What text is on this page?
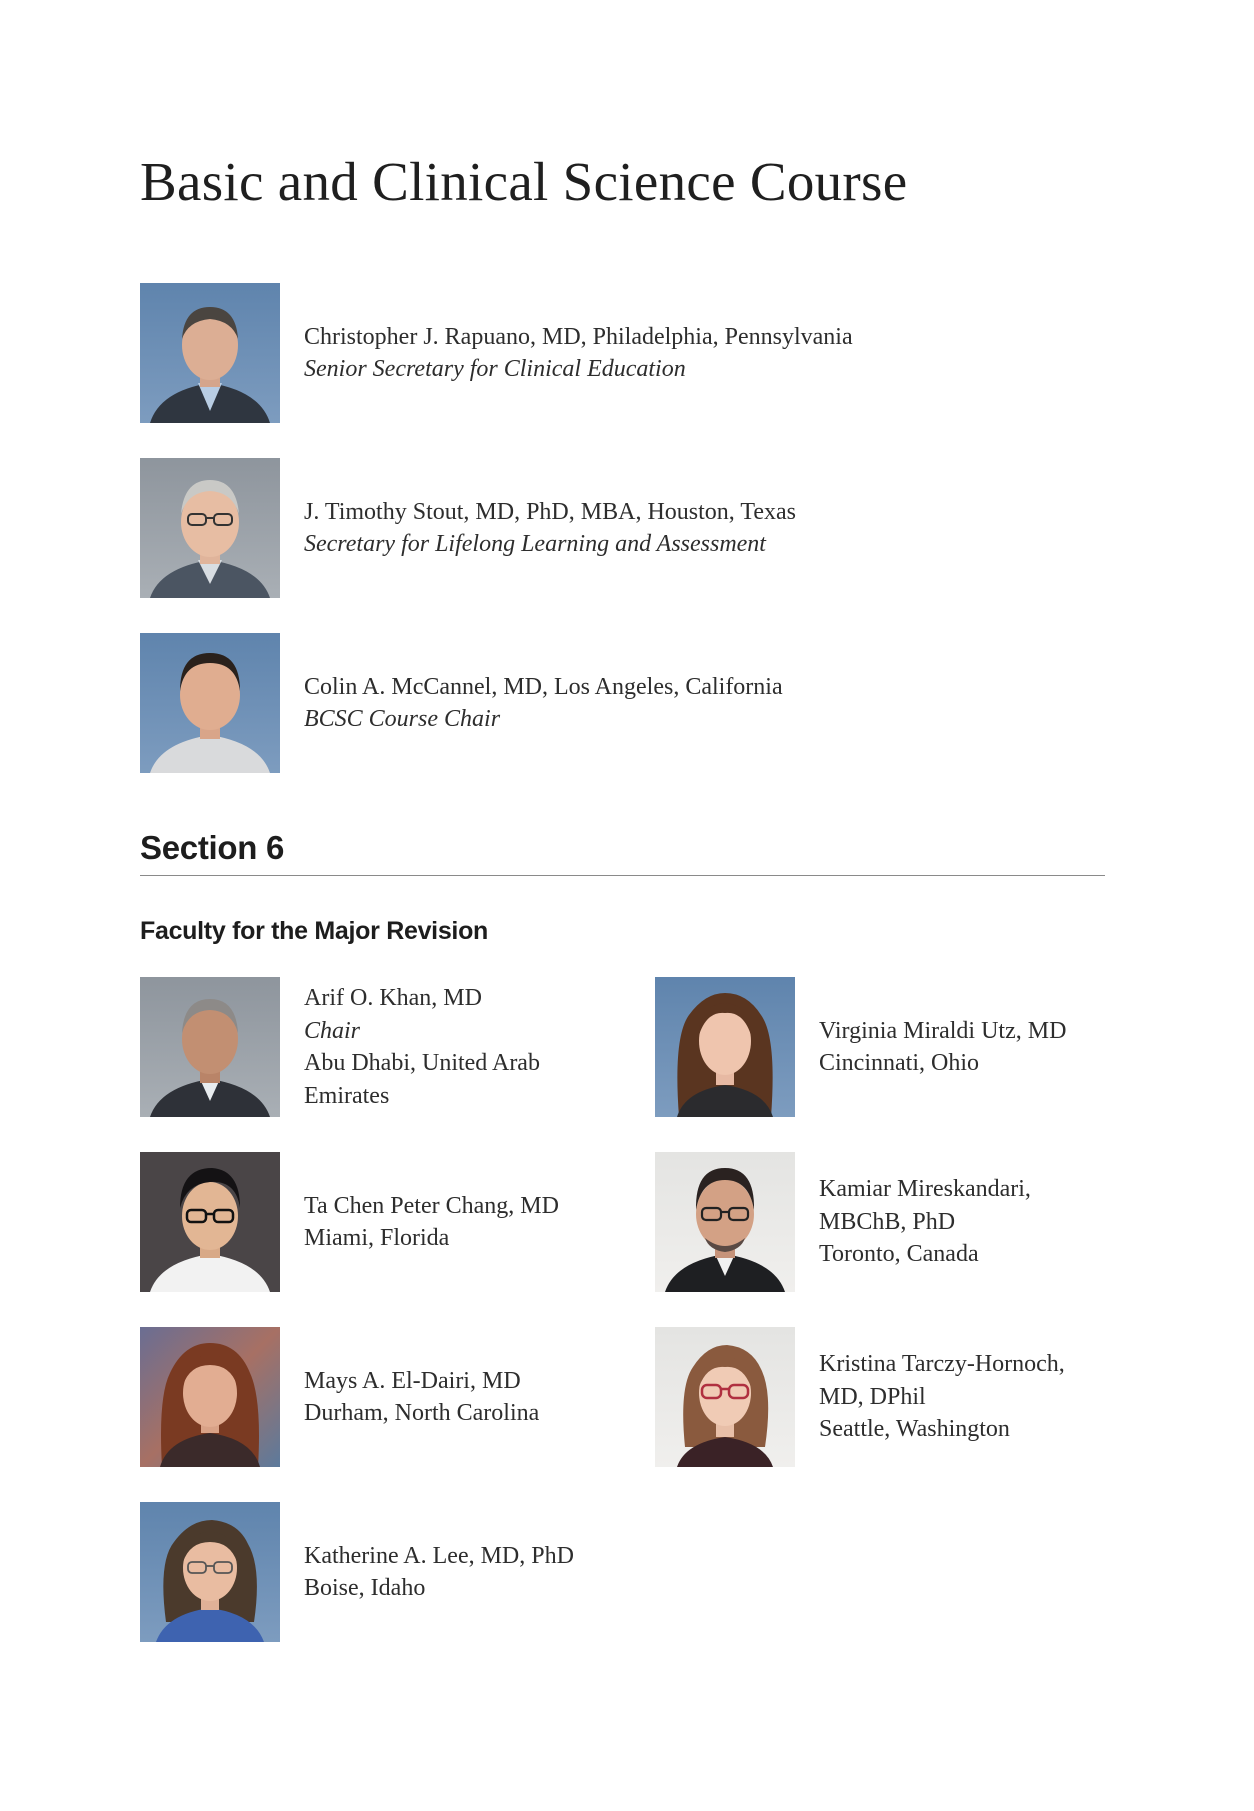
Basic and Clinical Science Course
Christopher J. Rapuano, MD, Philadelphia, Pennsylvania
Senior Secretary for Clinical Education
J. Timothy Stout, MD, PhD, MBA, Houston, Texas
Secretary for Lifelong Learning and Assessment
Colin A. McCannel, MD, Los Angeles, California
BCSC Course Chair
Section 6
Faculty for the Major Revision
Arif O. Khan, MD
Chair
Abu Dhabi, United Arab
Emirates
Ta Chen Peter Chang, MD
Miami, Florida
Mays A. El-Dairi, MD
Durham, North Carolina
Katherine A. Lee, MD, PhD
Boise, Idaho
Virginia Miraldi Utz, MD
Cincinnati, Ohio
Kamiar Mireskandari,
MBChB, PhD
Toronto, Canada
Kristina Tarczy-Hornoch,
MD, DPhil
Seattle, Washington
